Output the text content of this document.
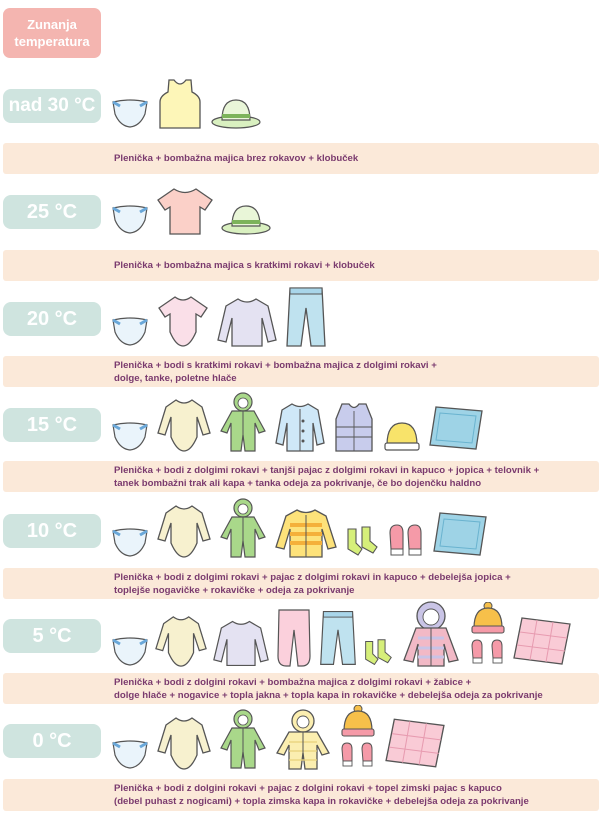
Zunanja
temperatura
nad 30 °C
Plenička + bombažna majica brez rokavov + klobuček
25 °C
Plenička + bombažna majica s kratkimi rokavi + klobuček
20 °C
Plenička + bodi s kratkimi rokavi + bombažna majica z dolgimi rokavi +
dolge, tanke, poletne hlače
15 °C
Plenička + bodi z dolgimi rokavi + tanjši pajac z dolgimi rokavi in kapuco + jopica + telovnik +
tanek bombažni trak ali kapa + tanka odeja za pokrivanje, če bo dojenčku haldno
10 °C
Plenička + bodi z dolgimi rokavi + pajac z dolgimi rokavi in kapuco + debelejša jopica +
toplejše nogavičke + rokavičke + odeja za pokrivanje
5 °C
Plenička + bodi z dolgini rokavi + bombažna majica z dolgimi rokavi + žabice +
dolge hlače + nogavice + topla jakna + topla kapa in rokavičke + debelejša odeja za pokrivanje
0 °C
Plenička + bodi z dolgini rokavi + pajac z dolgini rokavi + topel zimski pajac s kapuco
(debel puhast z nogicami) + topla zimska kapa in rokavičke + debelejša odeja za pokrivanje
